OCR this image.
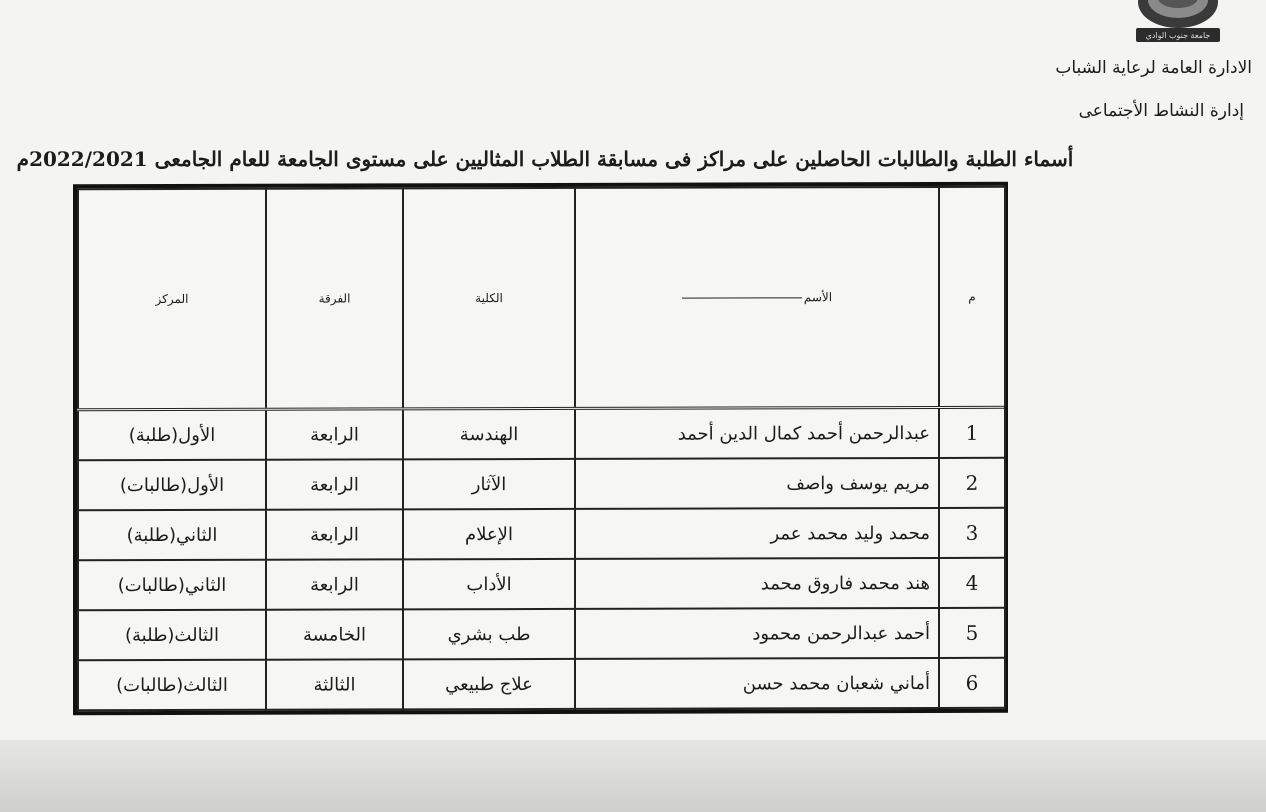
جامعة جنوب الوادي
الادارة العامة لرعاية الشباب
إدارة النشاط الأجتماعى
أسماء الطلبة والطالبات الحاصلين على مراكز فى مسابقة الطلاب المثاليين على مستوى الجامعة للعام الجامعى 2022/2021م
م	الأسم	الكلية	الفرقة	المركز
1	عبدالرحمن أحمد كمال الدين أحمد	الهندسة	الرابعة	الأول(طلبة)
2	مريم يوسف واصف	الآثار	الرابعة	الأول(طالبات)
3	محمد وليد محمد عمر	الإعلام	الرابعة	الثاني(طلبة)
4	هند محمد فاروق محمد	الأداب	الرابعة	الثاني(طالبات)
5	أحمد عبدالرحمن محمود	طب بشري	الخامسة	الثالث(طلبة)
6	أماني شعبان محمد حسن	علاج طبيعي	الثالثة	الثالث(طالبات)
